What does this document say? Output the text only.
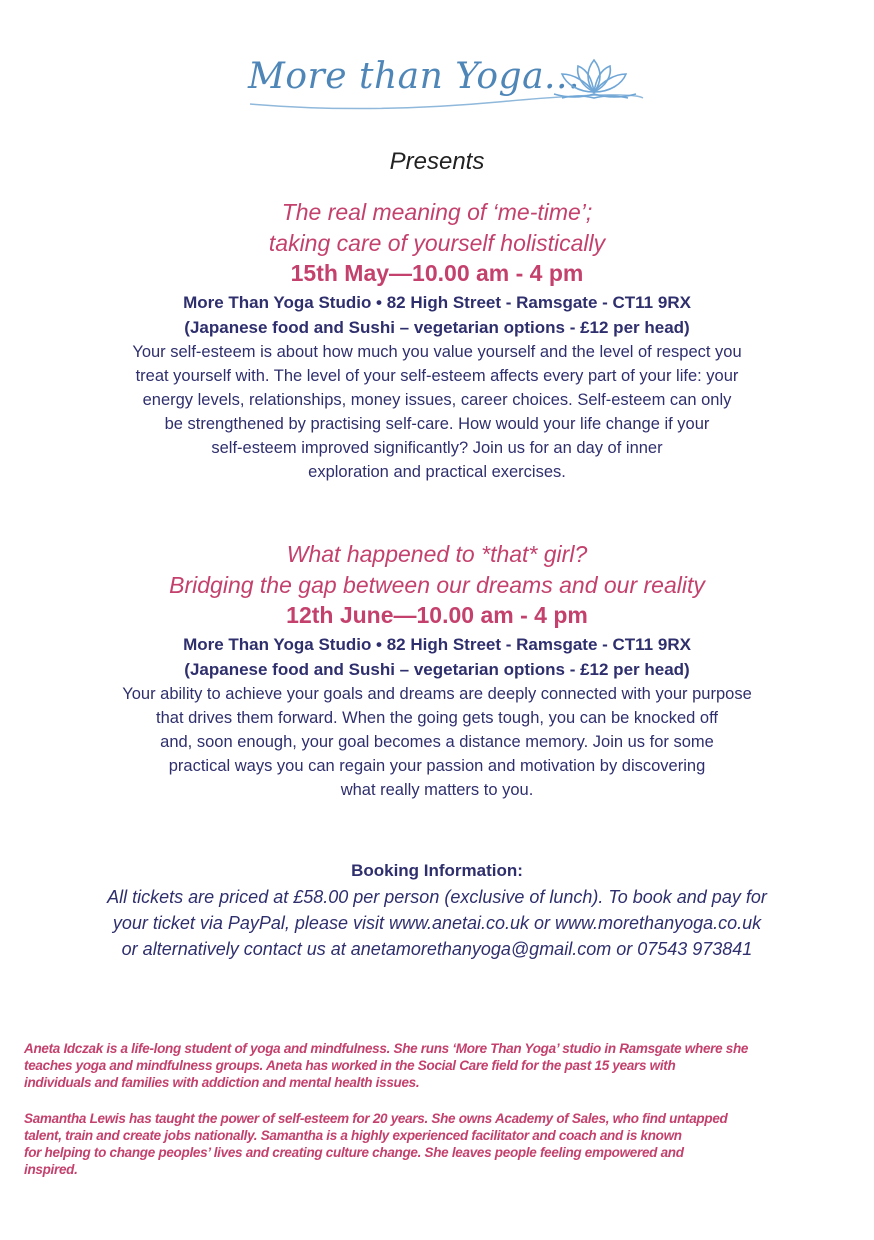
More than Yoga...
Presents

The real meaning of ‘me-time’;

taking care of yourself holistically

15th May—10.00 am - 4 pm

More Than Yoga Studio • 82 High Street - Ramsgate - CT11 9RX

(Japanese food and Sushi – vegetarian options - £12 per head)

Your self-esteem is about how much you value yourself and the level of respect you
treat yourself with. The level of your self-esteem affects every part of your life: your
energy levels, relationships, money issues, career choices. Self-esteem can only
be strengthened by practising self-care. How would your life change if your
self-esteem improved significantly? Join us for an day of inner
exploration and practical exercises.

What happened to *that* girl?

Bridging the gap between our dreams and our reality

12th June—10.00 am - 4 pm

More Than Yoga Studio • 82 High Street - Ramsgate - CT11 9RX

(Japanese food and Sushi – vegetarian options - £12 per head)

Your ability to achieve your goals and dreams are deeply connected with your purpose
that drives them forward. When the going gets tough, you can be knocked off
and, soon enough, your goal becomes a distance memory. Join us for some
practical ways you can regain your passion and motivation by discovering
what really matters to you.

Booking Information:

All tickets are priced at £58.00 per person (exclusive of lunch). To book and pay for
your ticket via PayPal, please visit www.anetai.co.uk or www.morethanyoga.co.uk
or alternatively contact us at anetamorethanyoga@gmail.com or 07543 973841

Aneta Idczak is a life-long student of yoga and mindfulness. She runs ‘More Than Yoga’ studio in Ramsgate where she
teaches yoga and mindfulness groups. Aneta has worked in the Social Care field for the past 15 years with
individuals and families with addiction and mental health issues.

Samantha Lewis has taught the power of self-esteem for 20 years. She owns Academy of Sales, who find untapped
talent, train and create jobs nationally. Samantha is a highly experienced facilitator and coach and is known
for helping to change peoples’ lives and creating culture change. She leaves people feeling empowered and
inspired.
